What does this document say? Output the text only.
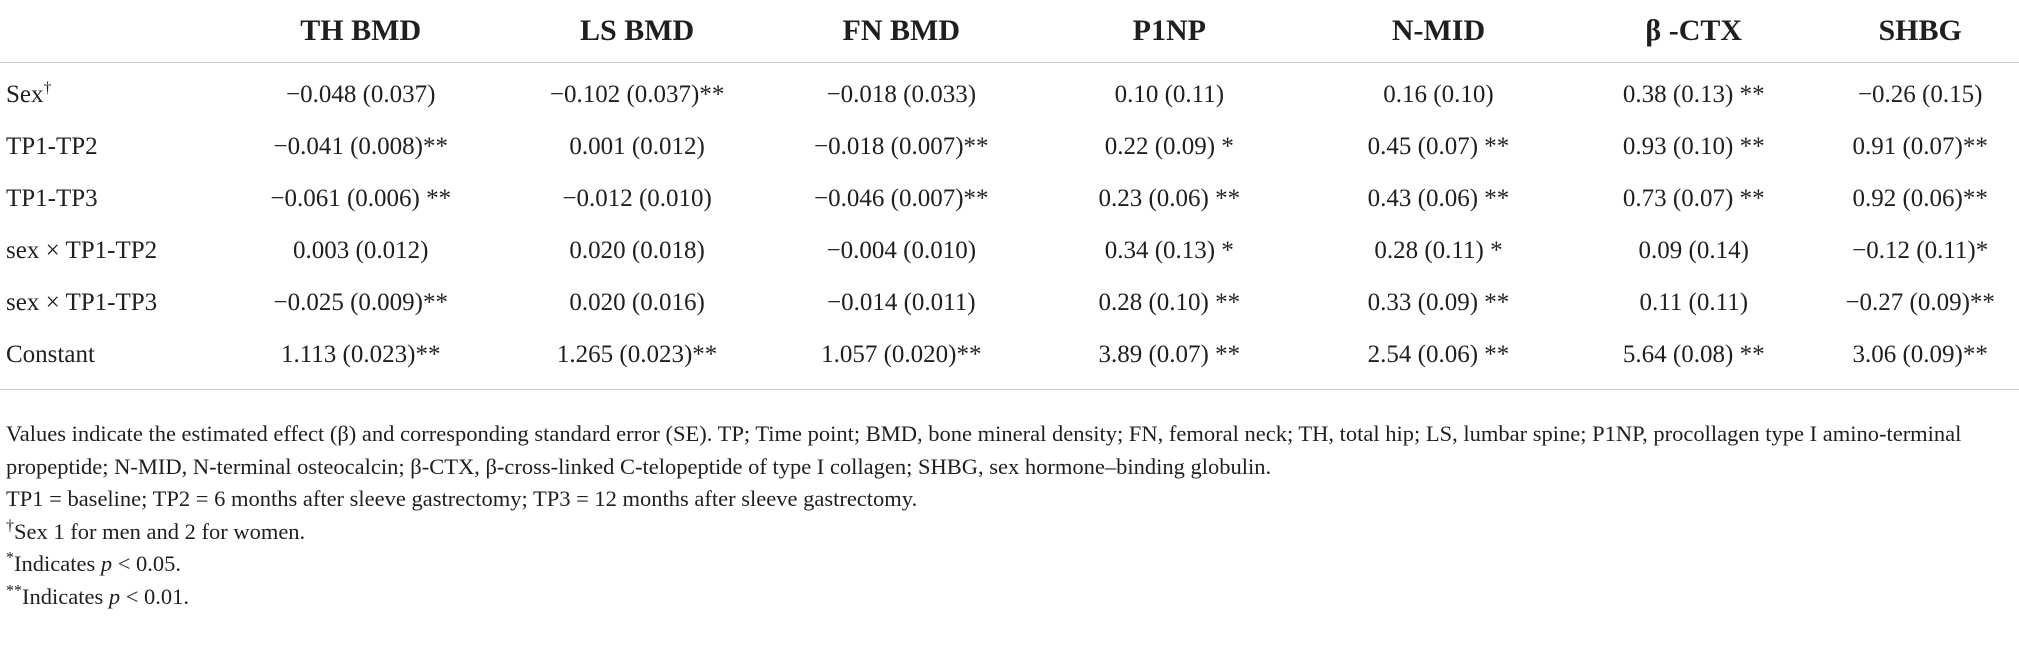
	TH BMD	LS BMD	FN BMD	P1NP	N-MID	β -CTX	SHBG
Sex†	−0.048 (0.037)	−0.102 (0.037)**	−0.018 (0.033)	0.10 (0.11)	0.16 (0.10)	0.38 (0.13) **	−0.26 (0.15)
TP1-TP2	−0.041 (0.008)**	0.001 (0.012)	−0.018 (0.007)**	0.22 (0.09) *	0.45 (0.07) **	0.93 (0.10) **	0.91 (0.07)**
TP1-TP3	−0.061 (0.006) **	−0.012 (0.010)	−0.046 (0.007)**	0.23 (0.06) **	0.43 (0.06) **	0.73 (0.07) **	0.92 (0.06)**
sex × TP1-TP2	0.003 (0.012)	0.020 (0.018)	−0.004 (0.010)	0.34 (0.13) *	0.28 (0.11) *	0.09 (0.14)	−0.12 (0.11)*
sex × TP1-TP3	−0.025 (0.009)**	0.020 (0.016)	−0.014 (0.011)	0.28 (0.10) **	0.33 (0.09) **	0.11 (0.11)	−0.27 (0.09)**
Constant	1.113 (0.023)**	1.265 (0.023)**	1.057 (0.020)**	3.89 (0.07) **	2.54 (0.06) **	5.64 (0.08) **	3.06 (0.09)**

Values indicate the estimated effect (β) and corresponding standard error (SE). TP; Time point; BMD, bone mineral density; FN, femoral neck; TH, total hip; LS, lumbar spine; P1NP, procollagen type I amino-terminal propeptide; N-MID, N-terminal osteocalcin; β-CTX, β-cross-linked C-telopeptide of type I collagen; SHBG, sex hormone–binding globulin.

TP1 = baseline; TP2 = 6 months after sleeve gastrectomy; TP3 = 12 months after sleeve gastrectomy.

†Sex 1 for men and 2 for women.

*Indicates p < 0.05.

**Indicates p < 0.01.
